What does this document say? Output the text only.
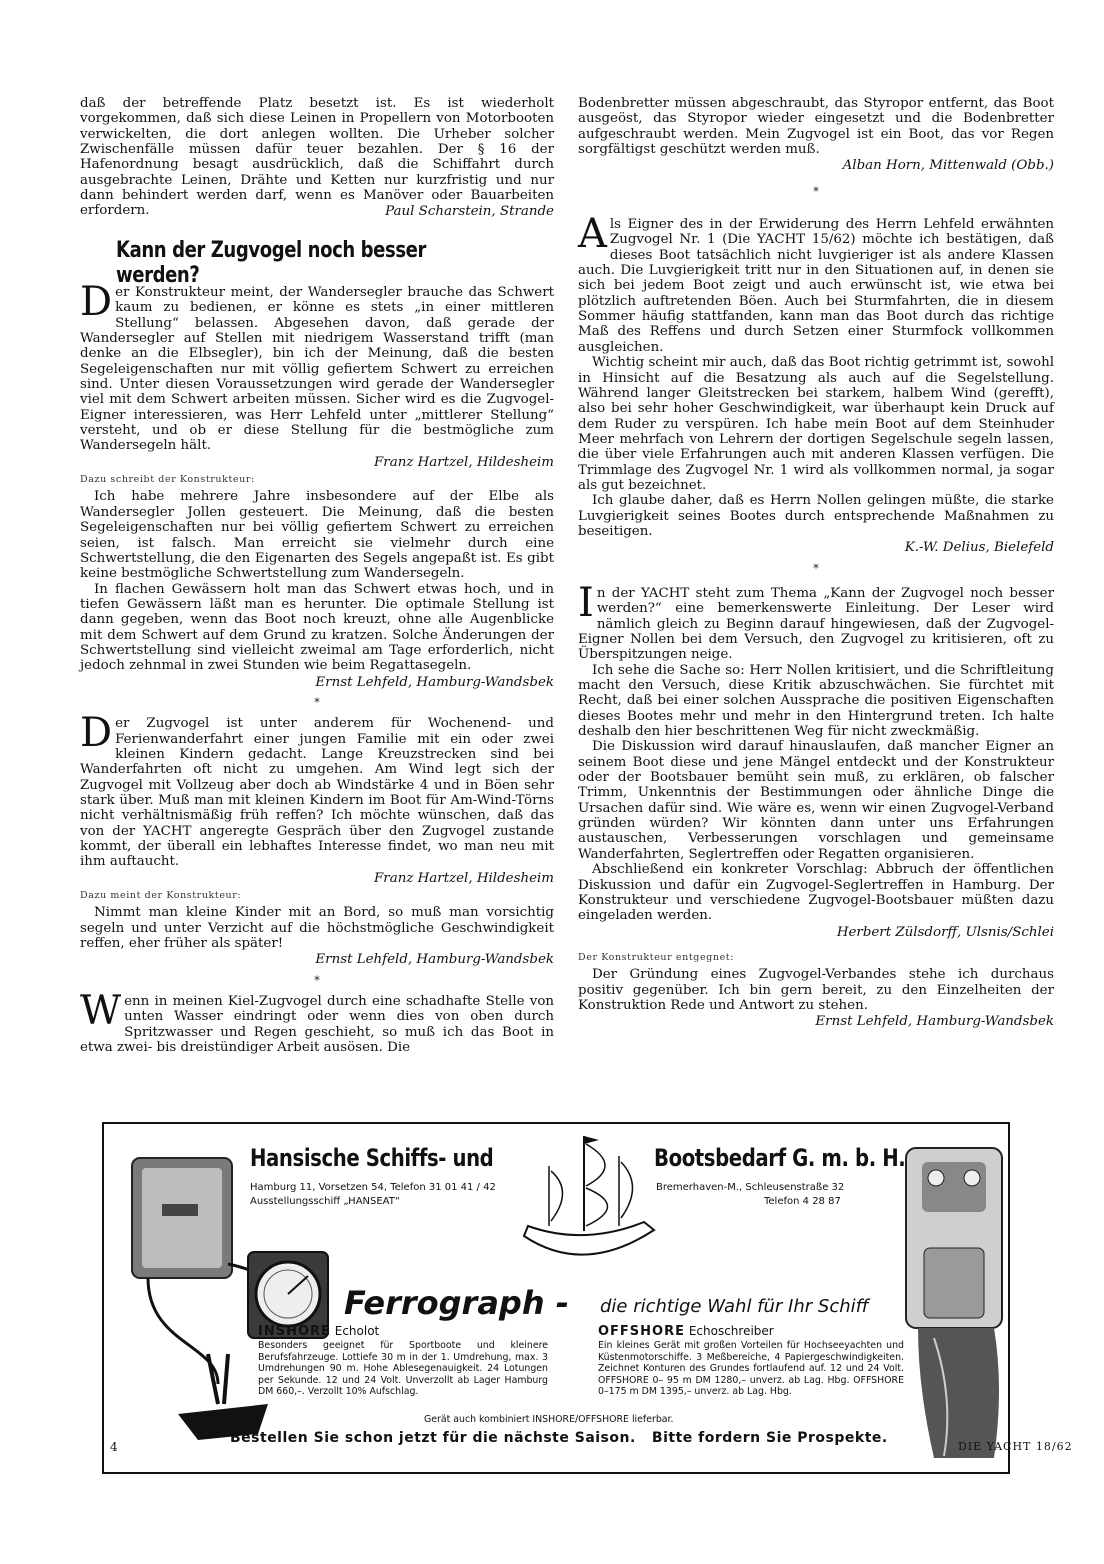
daß der betreffende Platz besetzt ist. Es ist wiederholt vorgekommen, daß sich diese Leinen in Propellern von Motorbooten verwickelten, die dort anlegen wollten. Die Urheber solcher Zwischenfälle müssen dafür teuer bezahlen. Der § 16 der Hafenordnung besagt ausdrücklich, daß die Schiffahrt durch ausgebrachte Leinen, Drähte und Ketten nur kurzfristig und nur dann behindert werden darf, wenn es Manöver oder Bauarbeiten erfordern.	Paul Scharstein, Strande

Kann der Zugvogel noch besser werden?

Der Konstrukteur meint, der Wandersegler brauche das Schwert kaum zu bedienen, er könne es stets „in einer mittleren Stellung“ belassen. Abgesehen davon, daß gerade der Wandersegler auf Stellen mit niedrigem Wasserstand trifft (man denke an die Elbsegler), bin ich der Meinung, daß die besten Segeleigenschaften nur mit völlig gefiertem Schwert zu erreichen sind. Unter diesen Voraussetzungen wird gerade der Wandersegler viel mit dem Schwert arbeiten müssen. Sicher wird es die Zugvogel-Eigner interessieren, was Herr Lehfeld unter „mittlerer Stellung“ versteht, und ob er diese Stellung für die bestmögliche zum Wandersegeln hält.

Franz Hartzel, Hildesheim

Dazu schreibt der Konstrukteur:

Ich habe mehrere Jahre insbesondere auf der Elbe als Wandersegler Jollen gesteuert. Die Meinung, daß die besten Segeleigenschaften nur bei völlig gefiertem Schwert zu erreichen seien, ist falsch. Man erreicht sie vielmehr durch eine Schwertstellung, die den Eigenarten des Segels angepaßt ist. Es gibt keine bestmögliche Schwertstellung zum Wandersegeln.

In flachen Gewässern holt man das Schwert etwas hoch, und in tiefen Gewässern läßt man es herunter. Die optimale Stellung ist dann gegeben, wenn das Boot noch kreuzt, ohne alle Augenblicke mit dem Schwert auf dem Grund zu kratzen. Solche Änderungen der Schwertstellung sind vielleicht zweimal am Tage erforderlich, nicht jedoch zehnmal in zwei Stunden wie beim Regattasegeln.

Ernst Lehfeld, Hamburg-Wandsbek

*

Der Zugvogel ist unter anderem für Wochenend- und Ferienwanderfahrt einer jungen Familie mit ein oder zwei kleinen Kindern gedacht. Lange Kreuzstrecken sind bei Wanderfahrten oft nicht zu umgehen. Am Wind legt sich der Zugvogel mit Vollzeug aber doch ab Windstärke 4 und in Böen sehr stark über. Muß man mit kleinen Kindern im Boot für Am-Wind-Törns nicht verhältnismäßig früh reffen? Ich möchte wünschen, daß das von der YACHT angeregte Gespräch über den Zugvogel zustande kommt, der überall ein lebhaftes Interesse findet, wo man neu mit ihm auftaucht.

Franz Hartzel, Hildesheim

Dazu meint der Konstrukteur:

Nimmt man kleine Kinder mit an Bord, so muß man vorsichtig segeln und unter Verzicht auf die höchstmögliche Geschwindigkeit reffen, eher früher als später!

Ernst Lehfeld, Hamburg-Wandsbek

*

Wenn in meinen Kiel-Zugvogel durch eine schadhafte Stelle von unten Wasser eindringt oder wenn dies von oben durch Spritzwasser und Regen geschieht, so muß ich das Boot in etwa zwei- bis dreistündiger Arbeit ausösen. Die

Bodenbretter müssen abgeschraubt, das Styropor entfernt, das Boot ausgeöst, das Styropor wieder eingesetzt und die Bodenbretter aufgeschraubt werden. Mein Zugvogel ist ein Boot, das vor Regen sorgfältigst geschützt werden muß.

Alban Horn, Mittenwald (Obb.)

*

Als Eigner des in der Erwiderung des Herrn Lehfeld erwähnten Zugvogel Nr. 1 (Die YACHT 15/62) möchte ich bestätigen, daß dieses Boot tatsächlich nicht luvgieriger ist als andere Klassen auch. Die Luvgierigkeit tritt nur in den Situationen auf, in denen sie sich bei jedem Boot zeigt und auch erwünscht ist, wie etwa bei plötzlich auftretenden Böen. Auch bei Sturmfahrten, die in diesem Sommer häufig stattfanden, kann man das Boot durch das richtige Maß des Reffens und durch Setzen einer Sturmfock vollkommen ausgleichen.

Wichtig scheint mir auch, daß das Boot richtig getrimmt ist, sowohl in Hinsicht auf die Besatzung als auch auf die Segelstellung. Während langer Gleitstrecken bei starkem, halbem Wind (gerefft), also bei sehr hoher Geschwindigkeit, war überhaupt kein Druck auf dem Ruder zu verspüren. Ich habe mein Boot auf dem Steinhuder Meer mehrfach von Lehrern der dortigen Segelschule segeln lassen, die über viele Erfahrungen auch mit anderen Klassen verfügen. Die Trimmlage des Zugvogel Nr. 1 wird als vollkommen normal, ja sogar als gut bezeichnet.

Ich glaube daher, daß es Herrn Nollen gelingen müßte, die starke Luvgierigkeit seines Bootes durch entsprechende Maßnahmen zu beseitigen.

K.-W. Delius, Bielefeld

*

In der YACHT steht zum Thema „Kann der Zugvogel noch besser werden?“ eine bemerkenswerte Einleitung. Der Leser wird nämlich gleich zu Beginn darauf hingewiesen, daß der Zugvogel-Eigner Nollen bei dem Versuch, den Zugvogel zu kritisieren, oft zu Überspitzungen neige.

Ich sehe die Sache so: Herr Nollen kritisiert, und die Schriftleitung macht den Versuch, diese Kritik abzuschwächen. Sie fürchtet mit Recht, daß bei einer solchen Aussprache die positiven Eigenschaften dieses Bootes mehr und mehr in den Hintergrund treten. Ich halte deshalb den hier beschrittenen Weg für nicht zweckmäßig.

Die Diskussion wird darauf hinauslaufen, daß mancher Eigner an seinem Boot diese und jene Mängel entdeckt und der Konstrukteur oder der Bootsbauer bemüht sein muß, zu erklären, ob falscher Trimm, Unkenntnis der Bestimmungen oder ähnliche Dinge die Ursachen dafür sind. Wie wäre es, wenn wir einen Zugvogel-Verband gründen würden? Wir könnten dann unter uns Erfahrungen austauschen, Verbesserungen vorschlagen und gemeinsame Wanderfahrten, Seglertreffen oder Regatten organisieren.

Abschließend ein konkreter Vorschlag: Abbruch der öffentlichen Diskussion und dafür ein Zugvogel-Seglertreffen in Hamburg. Der Konstrukteur und verschiedene Zugvogel-Bootsbauer müßten dazu eingeladen werden.

Herbert Zülsdorff, Ulsnis/Schlei

Der Konstrukteur entgegnet:

Der Gründung eines Zugvogel-Verbandes stehe ich durchaus positiv gegenüber. Ich bin gern bereit, zu den Einzelheiten der Konstruktion Rede und Antwort zu stehen.

Ernst Lehfeld, Hamburg-Wandsbek

Hansische Schiffs- und	Bootsbedarf G. m. b. H.
Hamburg 11, Vorsetzen 54, Telefon 31 01 41 / 42
Ausstellungsschiff „HANSEAT“
Bremerhaven-M., Schleusenstraße 32
Telefon 4 28 87
Ferrograph - die richtige Wahl für Ihr Schiff
INSHORE Echolot
Besonders geeignet für Sportboote und kleinere Berufsfahrzeuge. Lottiefe 30 m in der 1. Umdrehung, max. 3 Umdrehungen 90 m. Hohe Ablesegenauigkeit. 24 Lotungen per Sekunde. 12 und 24 Volt. Unverzollt ab Lager Hamburg DM 660,–. Verzollt 10% Aufschlag.
OFFSHORE Echoschreiber
Ein kleines Gerät mit großen Vorteilen für Hochseeyachten und Küstenmotorschiffe. 3 Meßbereiche, 4 Papiergeschwindigkeiten. Zeichnet Konturen des Grundes fortlaufend auf. 12 und 24 Volt. OFFSHORE 0– 95 m DM 1280,– unverz. ab Lag. Hbg. OFFSHORE 0–175 m DM 1395,– unverz. ab Lag. Hbg.
Gerät auch kombiniert INSHORE/OFFSHORE lieferbar.
Bestellen Sie schon jetzt für die nächste Saison.   Bitte fordern Sie Prospekte.
4	DIE YACHT 18/62
